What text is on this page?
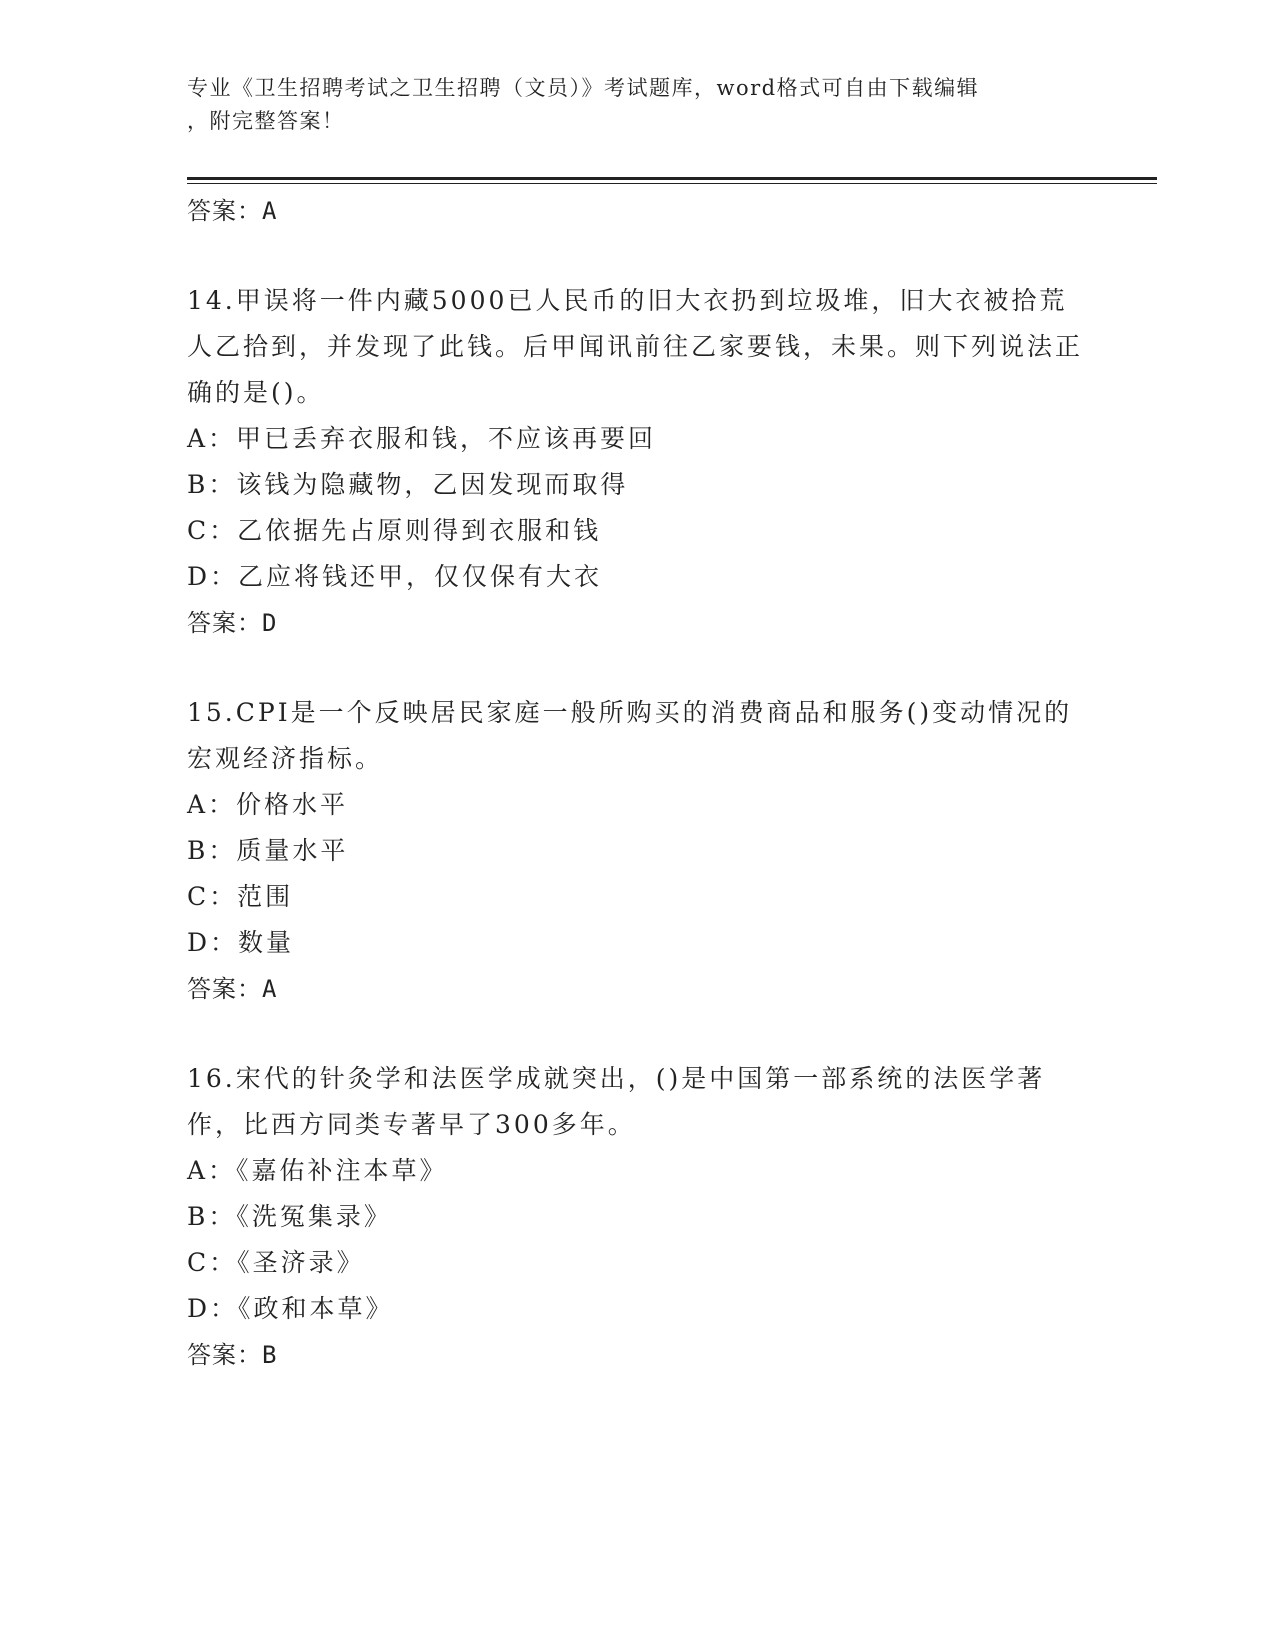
专业《卫生招聘考试之卫生招聘（文员）》考试题库，word格式可自由下载编辑
，附完整答案！
答案：A
14.甲误将一件内藏5000已人民币的旧大衣扔到垃圾堆，旧大衣被拾荒人乙拾到，并发现了此钱。后甲闻讯前往乙家要钱，未果。则下列说法正确的是()。
A：甲已丢弃衣服和钱，不应该再要回
B：该钱为隐藏物，乙因发现而取得
C：乙依据先占原则得到衣服和钱
D：乙应将钱还甲，仅仅保有大衣
答案：D
15.CPI是一个反映居民家庭一般所购买的消费商品和服务()变动情况的宏观经济指标。
A：价格水平
B：质量水平
C：范围
D：数量
答案：A
16.宋代的针灸学和法医学成就突出，()是中国第一部系统的法医学著作，比西方同类专著早了300多年。
A：《嘉佑补注本草》
B：《洗冤集录》
C：《圣济录》
D：《政和本草》
答案：B
